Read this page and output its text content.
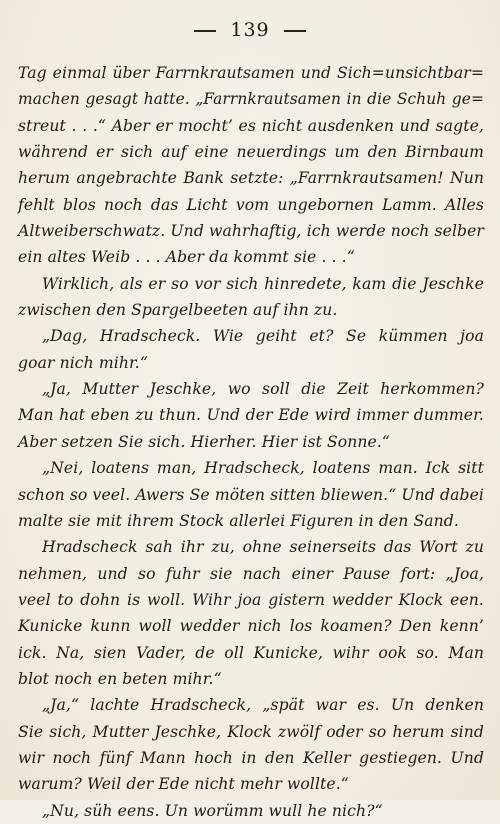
139
Tag einmal über Farrnkrautsamen und Sich=unsichtbar=
machen gesagt hatte. „Farrnkrautsamen in die Schuh ge=
streut . . .“ Aber er mocht’ es nicht ausdenken und sagte,
während er sich auf eine neuerdings um den Birnbaum
herum angebrachte Bank setzte: „Farrnkrautsamen! Nun
fehlt blos noch das Licht vom ungebornen Lamm. Alles
Altweiberschwatz. Und wahrhaftig, ich werde noch selber
ein altes Weib . . . Aber da kommt sie . . .“
Wirklich, als er so vor sich hinredete, kam die Jeschke
zwischen den Spargelbeeten auf ihn zu.
„Dag, Hradscheck. Wie geiht et? Se kümmen joa
goar nich mihr.“
„Ja, Mutter Jeschke, wo soll die Zeit herkommen?
Man hat eben zu thun. Und der Ede wird immer dummer.
Aber setzen Sie sich. Hierher. Hier ist Sonne.“
„Nei, loatens man, Hradscheck, loatens man. Ick sitt
schon so veel. Awers Se möten sitten bliewen.“ Und dabei
malte sie mit ihrem Stock allerlei Figuren in den Sand.
Hradscheck sah ihr zu, ohne seinerseits das Wort zu
nehmen, und so fuhr sie nach einer Pause fort: „Joa,
veel to dohn is woll. Wihr joa gistern wedder Klock een.
Kunicke kunn woll wedder nich los koamen? Den kenn’
ick. Na, sien Vader, de oll Kunicke, wihr ook so. Man
blot noch en beten mihr.“
„Ja,“ lachte Hradscheck, „spät war es. Un denken
Sie sich, Mutter Jeschke, Klock zwölf oder so herum sind
wir noch fünf Mann hoch in den Keller gestiegen. Und
warum? Weil der Ede nicht mehr wollte.“
„Nu, süh eens. Un worümm wull he nich?“
